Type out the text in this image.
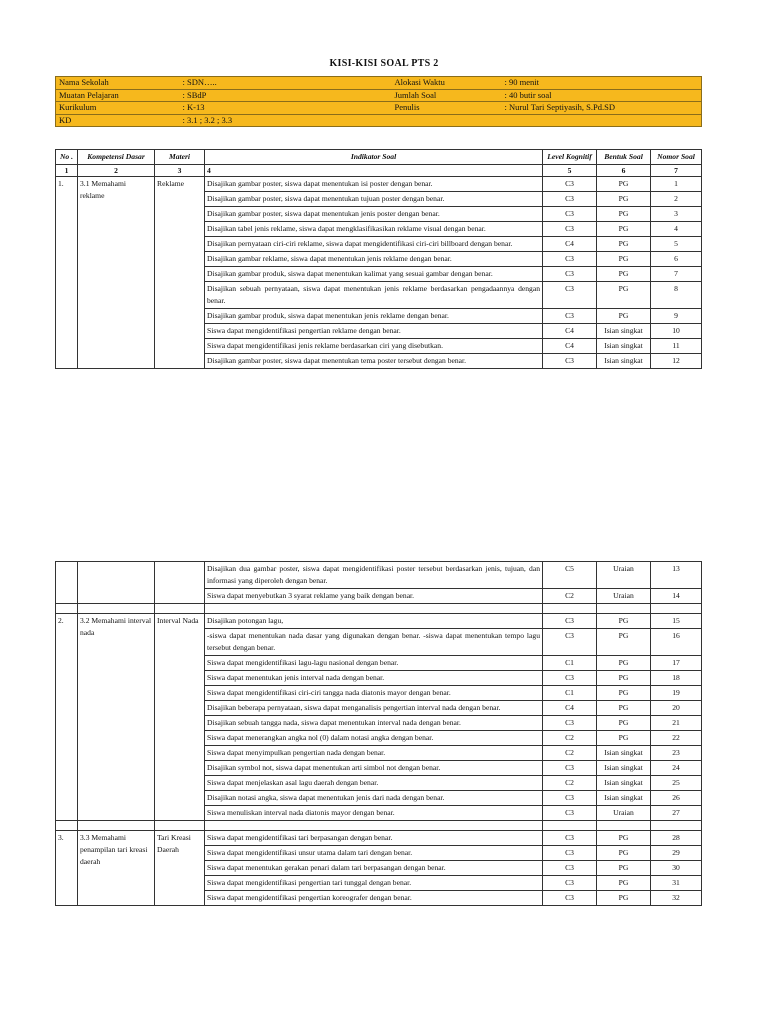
KISI-KISI SOAL PTS 2
Nama Sekolah	: SDN…..	Alokasi Waktu	: 90 menit
Muatan Pelajaran	: SBdP	Jumlah Soal	: 40 butir soal
Kurikulum	: K-13	Penulis	: Nurul Tari Septiyasih, S.Pd.SD
KD	: 3.1 ; 3.2 ; 3.3		
No .	Kompetensi Dasar	Materi	Indikator Soal	Level Kognitif	Bentuk Soal	Nomor Soal
1	2	3	4	5	6	7
1.	3.1 Memahami reklame	Reklame	Disajikan gambar poster, siswa dapat menentukan isi poster dengan benar.	C3	PG	1
			Disajikan gambar poster, siswa dapat menentukan tujuan poster dengan benar.	C3	PG	2
			Disajikan gambar poster, siswa dapat menentukan jenis poster dengan benar.	C3	PG	3
			Disajikan tabel jenis reklame, siswa dapat mengklasifikasikan reklame visual dengan benar.	C3	PG	4
			Disajikan pernyataan ciri-ciri reklame, siswa dapat mengidentifikasi ciri-ciri billboard dengan benar.	C4	PG	5
			Disajikan gambar reklame, siswa dapat menentukan jenis reklame dengan benar.	C3	PG	6
			Disajikan gambar produk, siswa dapat menentukan kalimat yang sesuai gambar dengan benar.	C3	PG	7
			Disajikan sebuah pernyataan, siswa dapat menentukan jenis reklame berdasarkan pengadaannya dengan benar.	C3	PG	8
			Disajikan gambar produk, siswa dapat menentukan jenis reklame dengan benar.	C3	PG	9
			Siswa dapat mengidentifikasi pengertian reklame dengan benar.	C4	Isian singkat	10
			Siswa dapat mengidentifikasi jenis reklame berdasarkan ciri yang disebutkan.	C4	Isian singkat	11
			Disajikan gambar poster, siswa dapat menentukan tema poster tersebut dengan benar.	C3	Isian singkat	12
			Disajikan dua gambar poster, siswa dapat mengidentifikasi poster tersebut berdasarkan jenis, tujuan, dan informasi yang diperoleh dengan benar.	C5	Uraian	13
			Siswa dapat menyebutkan 3 syarat reklame yang baik dengan benar.	C2	Uraian	14

2.	3.2 Memahami interval nada	Interval Nada	Disajikan potongan lagu,	C3	PG	15
			-siswa dapat menentukan nada dasar yang digunakan dengan benar. -siswa dapat menentukan tempo lagu tersebut dengan benar.	C3	PG	16
			Siswa dapat mengidentifikasi lagu-lagu nasional dengan benar.	C1	PG	17
			Siswa dapat menentukan jenis interval nada dengan benar.	C3	PG	18
			Siswa dapat mengidentifikasi ciri-ciri tangga nada diatonis mayor dengan benar.	C1	PG	19
			Disajikan beberapa pernyataan, siswa dapat menganalisis pengertian interval nada dengan benar.	C4	PG	20
			Disajikan sebuah tangga nada, siswa dapat menentukan interval nada dengan benar.	C3	PG	21
			Siswa dapat menerangkan angka nol (0) dalam notasi angka dengan benar.	C2	PG	22
			Siswa dapat menyimpulkan pengertian nada dengan benar.	C2	Isian singkat	23
			Disajikan symbol not, siswa dapat menentukan arti simbol not dengan benar.	C3	Isian singkat	24
			Siswa dapat menjelaskan asal lagu daerah dengan benar.	C2	Isian singkat	25
			Disajikan notasi angka, siswa dapat menentukan jenis dari nada dengan benar.	C3	Isian singkat	26
			Siswa menuliskan interval nada diatonis mayor dengan benar.	C3	Uraian	27

3.	3.3 Memahami penampilan tari kreasi daerah	Tari Kreasi Daerah	Siswa dapat mengidentifikasi tari berpasangan dengan benar.	C3	PG	28
			Siswa dapat mengidentifikasi unsur utama dalam tari dengan benar.	C3	PG	29
			Siswa dapat menentukan gerakan penari dalam tari berpasangan dengan benar.	C3	PG	30
			Siswa dapat mengidentifikasi pengertian tari tunggal dengan benar.	C3	PG	31
			Siswa dapat mengidentifikasi pengertian koreografer dengan benar.	C3	PG	32
